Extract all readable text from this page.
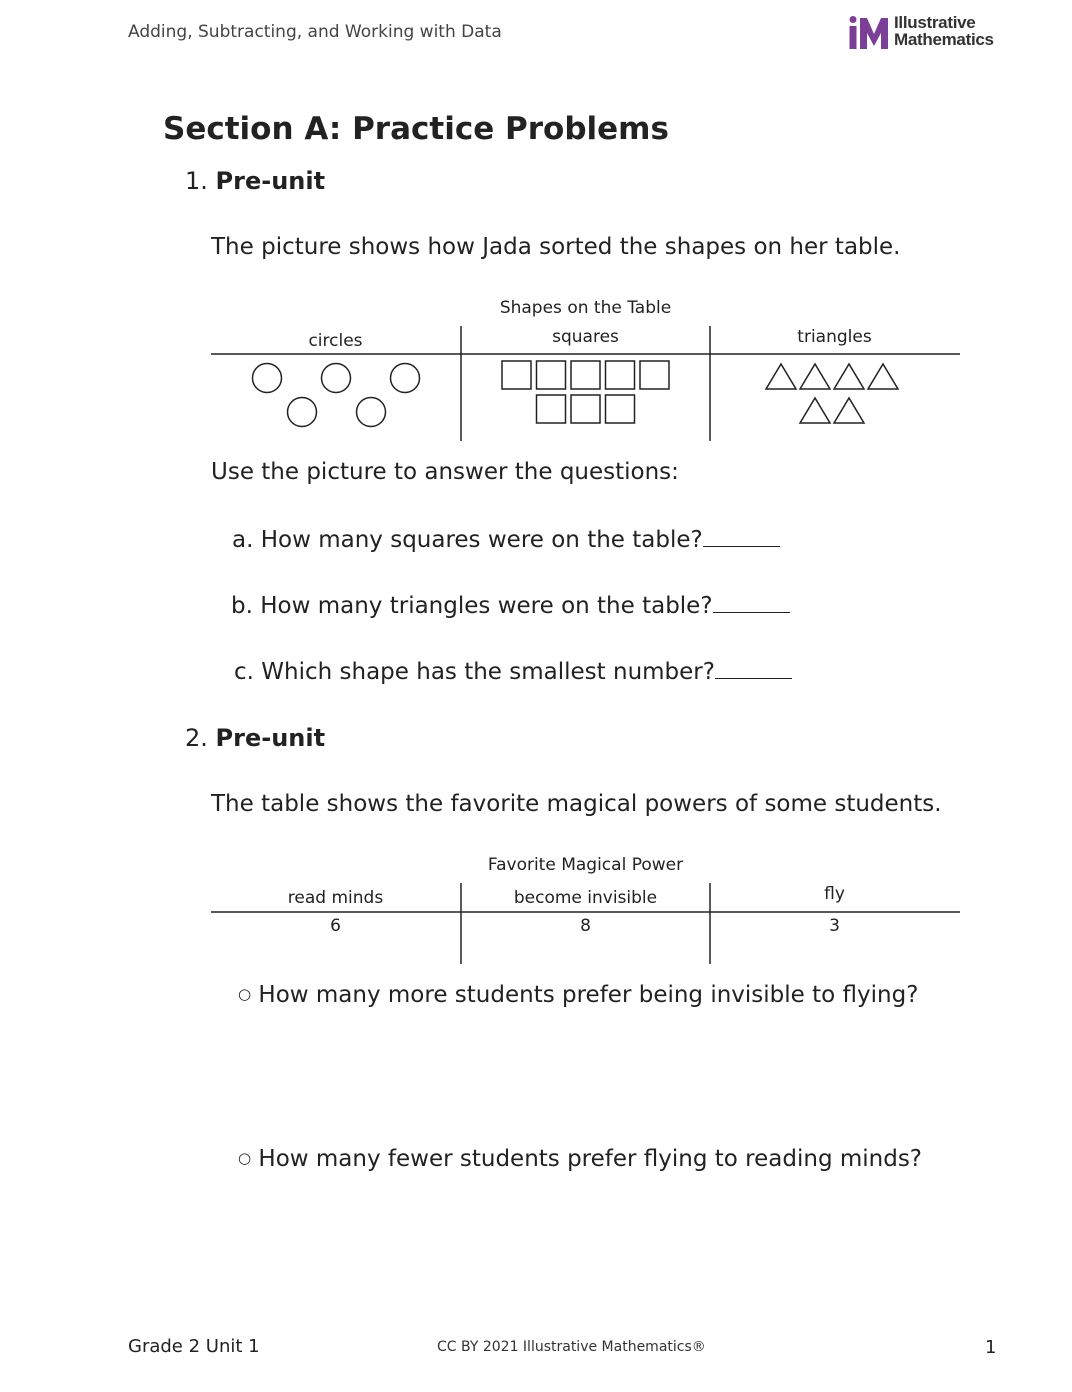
Adding, Subtracting, and Working with Data	Illustrative
Mathematics
Section A: Practice Problems
1. Pre-unit
The picture shows how Jada sorted the shapes on her table.
Shapes on the Table
circles	squares	triangles
Use the picture to answer the questions:
a. How many squares were on the table?
b. How many triangles were on the table?
c. Which shape has the smallest number?
2. Pre-unit
The table shows the favorite magical powers of some students.
Favorite Magical Power
read minds	become invisible	fly
6	8	3
○ How many more students prefer being invisible to flying?
○ How many fewer students prefer flying to reading minds?
Grade 2 Unit 1	CC BY 2021 Illustrative Mathematics®	1
